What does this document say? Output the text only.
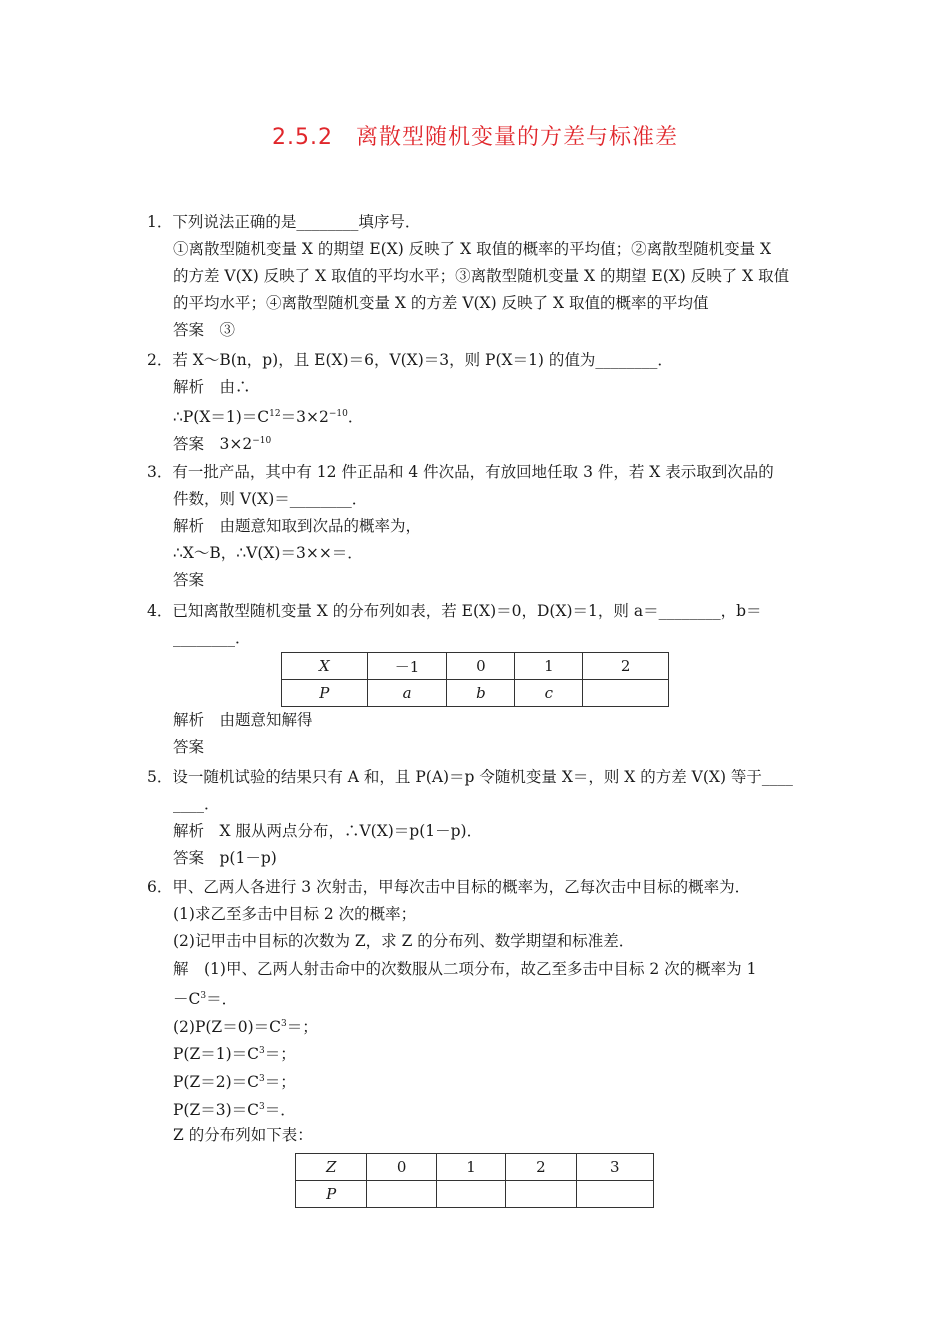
2.5.2　离散型随机变量的方差与标准差
1．下列说法正确的是________填序号．
①离散型随机变量 X 的期望 E(X) 反映了 X 取值的概率的平均值；②离散型随机变量 X
的方差 V(X) 反映了 X 取值的平均水平；③离散型随机变量 X 的期望 E(X) 反映了 X 取值
的平均水平；④离散型随机变量 X 的方差 V(X) 反映了 X 取值的概率的平均值
答案　③
2．若 X～B(n，p)，且 E(X)＝6，V(X)＝3，则 P(X＝1) 的值为________．
解析　由∴
$\therefore P(X=1)=C^{12}=3\times 2^{-10}$．
答案　$3\times 2^{-10}$
3．有一批产品，其中有 12 件正品和 4 件次品，有放回地任取 3 件，若 X 表示取到次品的
件数，则 V(X)＝________．
解析　由题意知取到次品的概率为，
∴X～B，∴V(X)＝3××＝．
答案
4．已知离散型随机变量 X 的分布列如表，若 E(X)＝0，D(X)＝1，则 a＝________，b＝
________．
X	－1	0	1	2
P	a	b	c	
解析　由题意知解得
答案
5．设一随机试验的结果只有 A 和，且 P(A)＝p 令随机变量 X＝，则 X 的方差 V(X) 等于____
____．
解析　X 服从两点分布，∴V(X)＝p(1－p)．
答案　p(1－p)
6．甲、乙两人各进行 3 次射击，甲每次击中目标的概率为，乙每次击中目标的概率为．
(1)求乙至多击中目标 2 次的概率；
(2)记甲击中目标的次数为 Z，求 Z 的分布列、数学期望和标准差．
解　(1)甲、乙两人射击命中的次数服从二项分布，故乙至多击中目标 2 次的概率为 1
$-C^3=$．
$(2)P(Z=0)=C^3=$；
$P(Z=1)=C^3=$；
$P(Z=2)=C^3=$；
$P(Z=3)=C^3=$．
Z 的分布列如下表：
Z	0	1	2	3
P				
